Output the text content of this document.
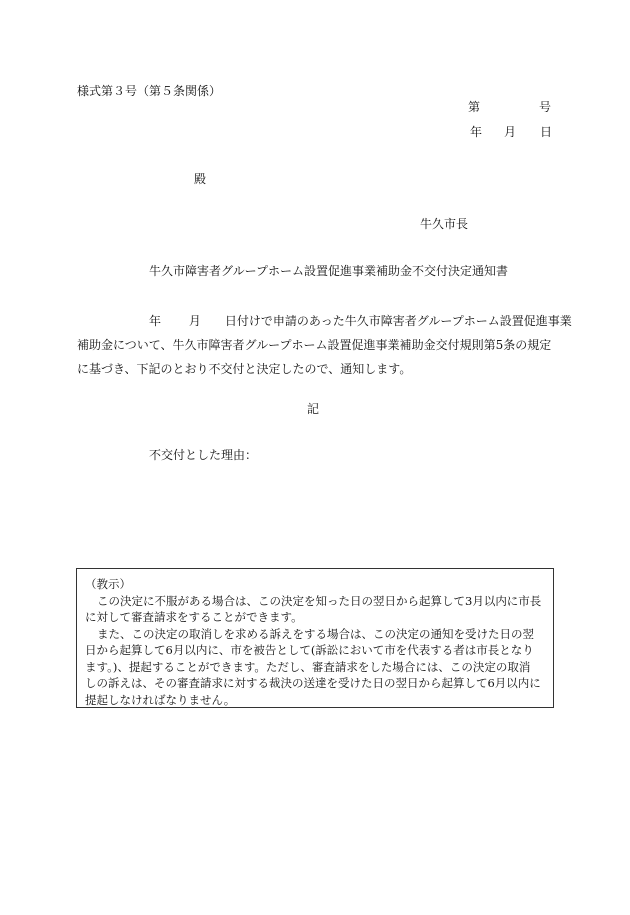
様式第３号（第５条関係）
第	号
年 月 日
殿
牛久市長
牛久市障害者グループホーム設置促進事業補助金不交付決定通知書

　　　　　　年　　 月　　日付けで申請のあった牛久市障害者グループホーム設置促進事業

補助金について、牛久市障害者グループホーム設置促進事業補助金交付規則第5条の規定

に基づき、下記のとおり不交付と決定したので、通知します。

記
不交付とした理由：

（教示）

この決定に不服がある場合は、この決定を知った日の翌日から起算して3月以内に市長

に対して審査請求をすることができます。

また、この決定の取消しを求める訴えをする場合は、この決定の通知を受けた日の翌

日から起算して6月以内に、市を被告として(訴訟において市を代表する者は市長となり

ます。)、提起することができます。ただし、審査請求をした場合には、この決定の取消

しの訴えは、その審査請求に対する裁決の送達を受けた日の翌日から起算して6月以内に

提起しなければなりません。
